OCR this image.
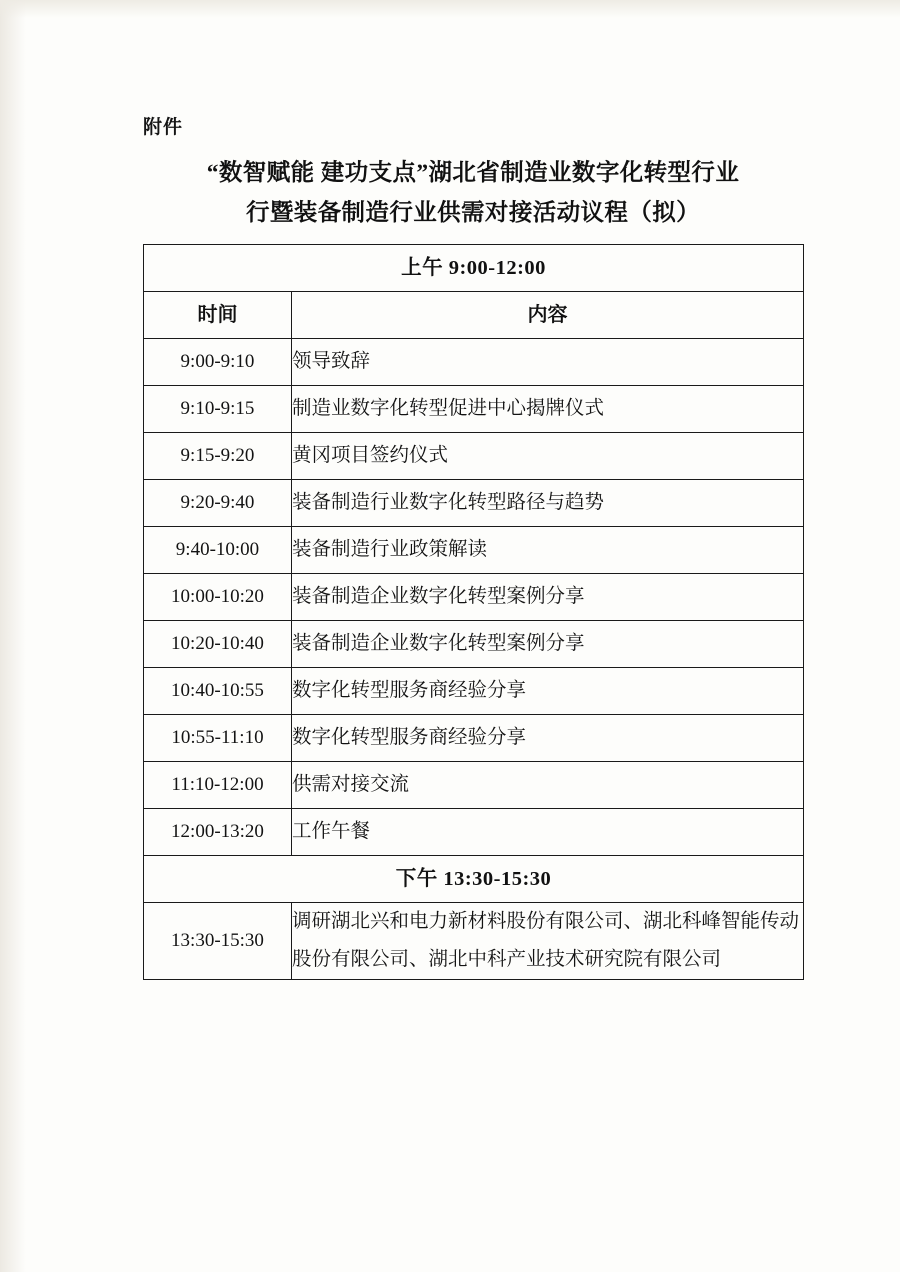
附件
“数智赋能 建功支点”湖北省制造业数字化转型行业
行暨装备制造行业供需对接活动议程（拟）
上午 9:00-12:00	
时间	内容
9:00-9:10	领导致辞
9:10-9:15	制造业数字化转型促进中心揭牌仪式
9:15-9:20	黄冈项目签约仪式
9:20-9:40	装备制造行业数字化转型路径与趋势
9:40-10:00	装备制造行业政策解读
10:00-10:20	装备制造企业数字化转型案例分享
10:20-10:40	装备制造企业数字化转型案例分享
10:40-10:55	数字化转型服务商经验分享
10:55-11:10	数字化转型服务商经验分享
11:10-12:00	供需对接交流
12:00-13:20	工作午餐
下午 13:30-15:30	
13:30-15:30	调研湖北兴和电力新材料股份有限公司、湖北科峰智能传动股份有限公司、湖北中科产业技术研究院有限公司
